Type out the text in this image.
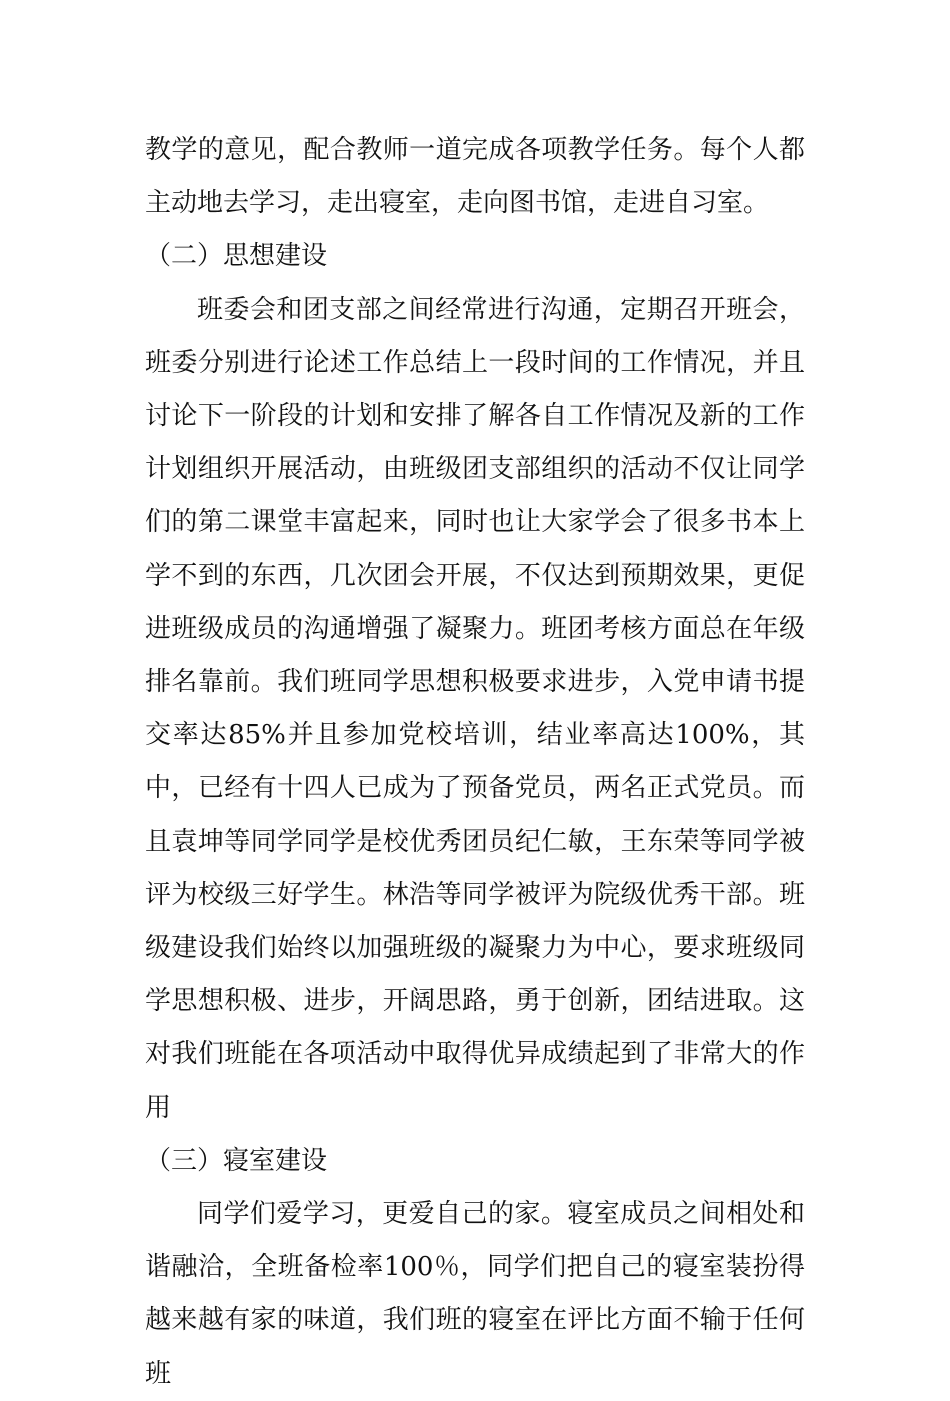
教学的意见，配合教师一道完成各项教学任务。每个人都主动地去学习，走出寝室，走向图书馆，走进自习室。

（二）思想建设

班委会和团支部之间经常进行沟通，定期召开班会，班委分别进行论述工作总结上一段时间的工作情况，并且讨论下一阶段的计划和安排了解各自工作情况及新的工作计划组织开展活动，由班级团支部组织的活动不仅让同学们的第二课堂丰富起来，同时也让大家学会了很多书本上学不到的东西，几次团会开展，不仅达到预期效果，更促进班级成员的沟通增强了凝聚力。班团考核方面总在年级排名靠前。我们班同学思想积极要求进步，入党申请书提交率达85%并且参加党校培训，结业率高达100%，其中，已经有十四人已成为了预备党员，两名正式党员。而且袁坤等同学同学是校优秀团员纪仁敏，王东荣等同学被评为校级三好学生。林浩等同学被评为院级优秀干部。班级建设我们始终以加强班级的凝聚力为中心，要求班级同学思想积极、进步，开阔思路，勇于创新，团结进取。这对我们班能在各项活动中取得优异成绩起到了非常大的作用

（三）寝室建设

同学们爱学习，更爱自己的家。寝室成员之间相处和谐融洽，全班备检率100％，同学们把自己的寝室装扮得越来越有家的味道，我们班的寝室在评比方面不输于任何班
